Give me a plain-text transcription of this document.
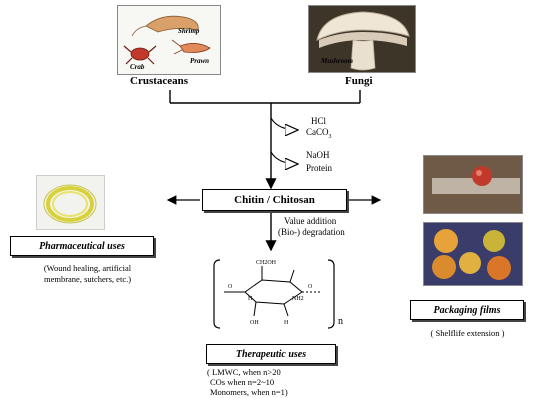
Shrimp
Crab
Prawn
Crustaceans
Mushroom
Fungi
HCl
CaCO$_3$
NaOH
Protein
Chitin / Chitosan
Value addition
(Bio-) degradation
Pharmaceutical uses
(Wound healing, artificial
membrane, sutchers, etc.)
Packaging films
( Shelflife extension )
CH2OH
O
H	NH2
O
OH	H	n
Therapeutic uses
( LMWC, when n>20
COs when n=2~10
Monomers, when n=1)
